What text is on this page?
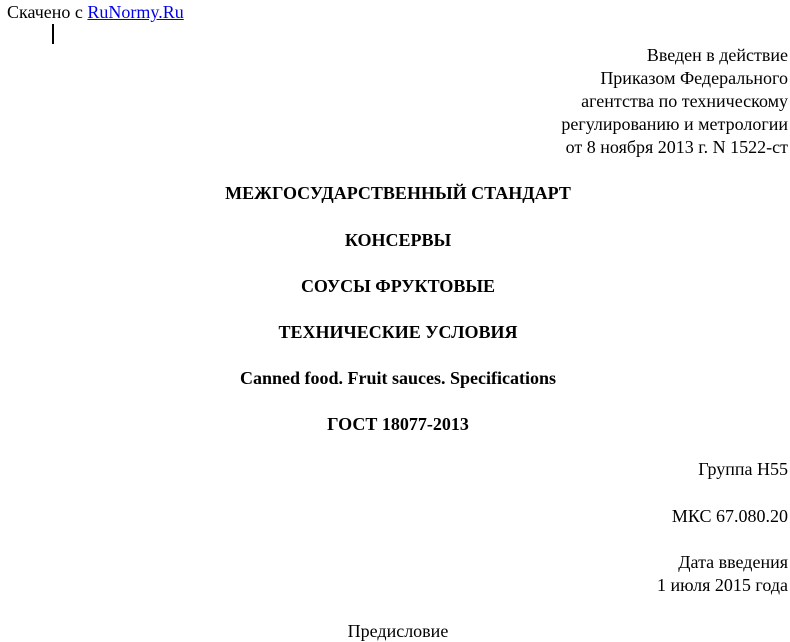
Скачено с RuNormy.Ru
Введен в действие
Приказом Федерального
агентства по техническому
регулированию и метрологии
от 8 ноября 2013 г. N 1522-ст
МЕЖГОСУДАРСТВЕННЫЙ СТАНДАРТ
КОНСЕРВЫ
СОУСЫ ФРУКТОВЫЕ
ТЕХНИЧЕСКИЕ УСЛОВИЯ
Canned food. Fruit sauces. Specifications
ГОСТ 18077-2013
Группа Н55
МКС 67.080.20
Дата введения
1 июля 2015 года
Предисловие
